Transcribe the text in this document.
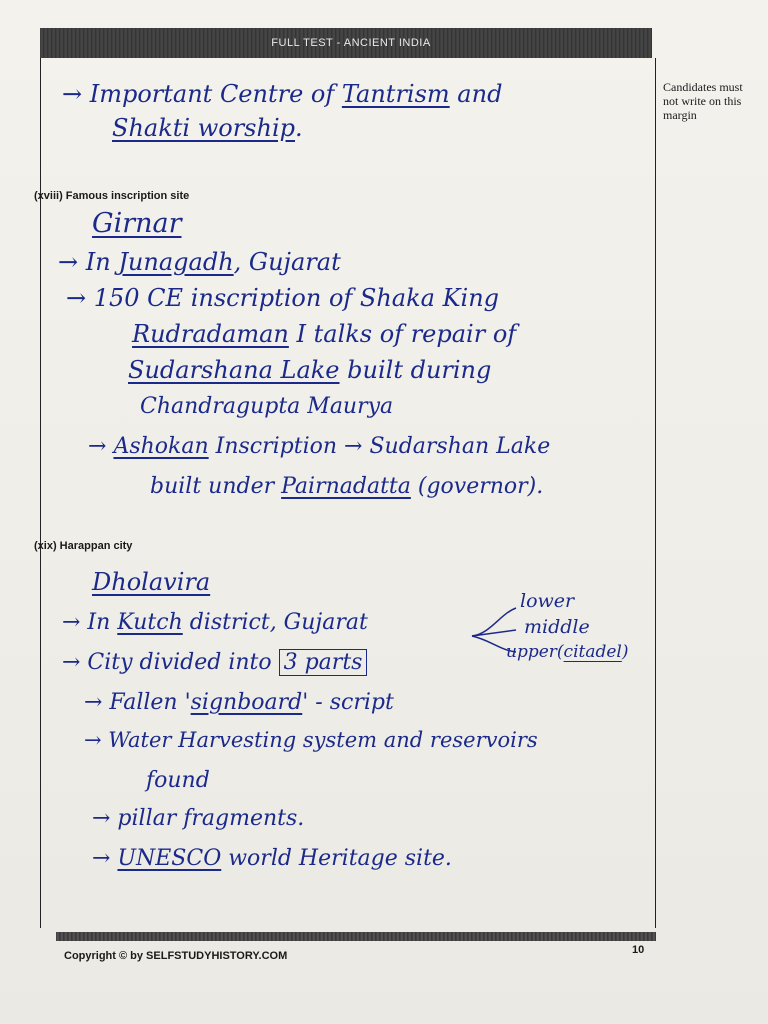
FULL TEST - ANCIENT INDIA
Candidates must not write on this margin
→ Important Centre of Tantrism and
Shakti worship.
(xviii) Famous inscription site
Girnar
→ In Junagadh, Gujarat
→ 150 CE inscription of Shaka King
Rudradaman I talks of repair of
Sudarshana Lake built during
Chandragupta Maurya
→ Ashokan Inscription → Sudarshan Lake
built under Pairnadatta (governor).
(xix) Harappan city
Dholavira
→ In Kutch district, Gujarat
→ City divided into 3 parts
lower
middle
upper(citadel)
→ Fallen 'signboard' - script
→ Water Harvesting system and reservoirs
found
→ pillar fragments.
→ UNESCO world Heritage site.
Copyright © by SELFSTUDYHISTORY.COM	10
